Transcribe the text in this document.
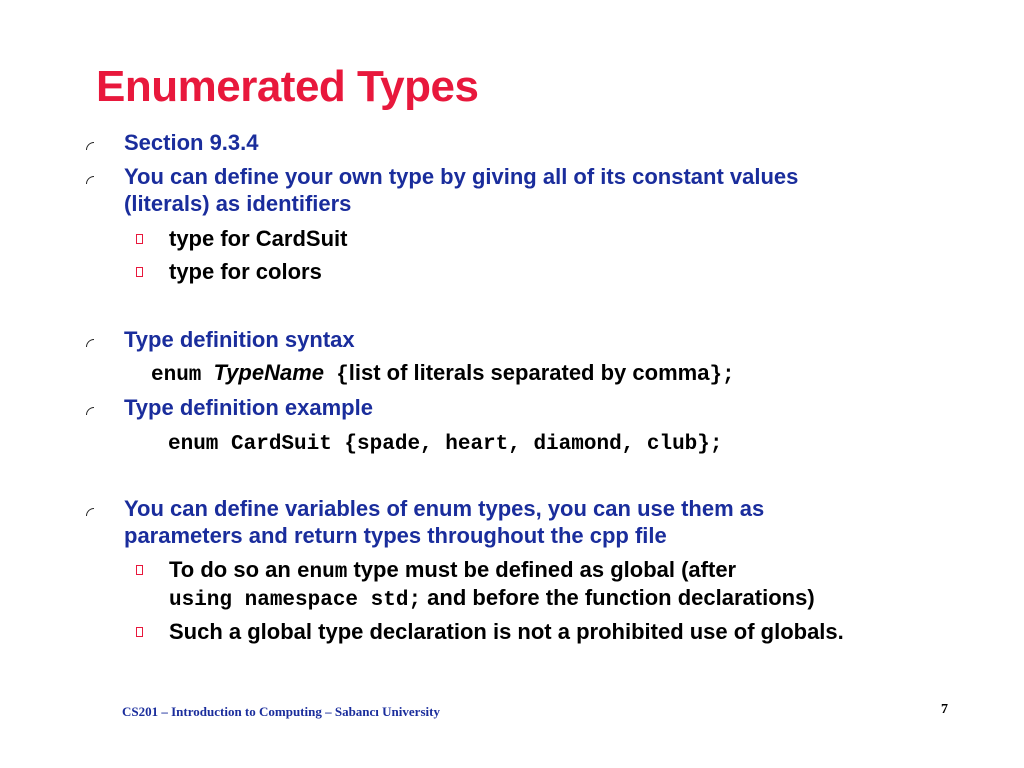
Enumerated Types
Section 9.3.4
You can define your own type by giving all of its constant values
(literals) as identifiers
type for CardSuit
type for colors
Type definition syntax
enum TypeName {list of literals separated by comma};
Type definition example
enum CardSuit {spade, heart, diamond, club};
You can define variables of enum types, you can use them as
parameters and return types throughout the cpp file
To do so an enum type must be defined as global (after
using namespace std; and before the function declarations)
Such a global type declaration is not a prohibited use of globals.
CS201 – Introduction to Computing – Sabancı University	7
